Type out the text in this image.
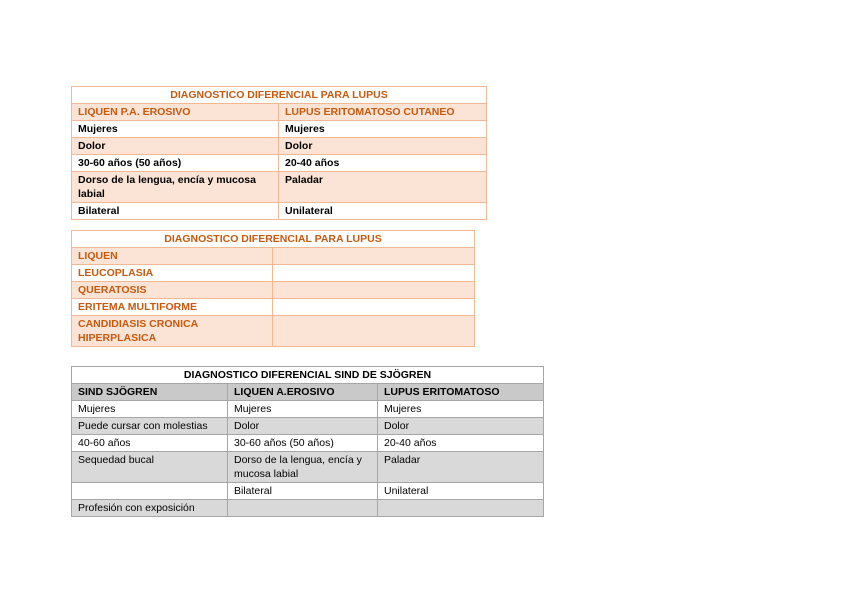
DIAGNOSTICO DIFERENCIAL PARA LUPUS	
LIQUEN P.A. EROSIVO	LUPUS ERITOMATOSO CUTANEO
Mujeres	Mujeres
Dolor	Dolor
30-60 años (50 años)	20-40 años
Dorso de la lengua, encía y mucosa labial	Paladar
Bilateral	Unilateral
DIAGNOSTICO DIFERENCIAL PARA LUPUS	
LIQUEN	
LEUCOPLASIA	
QUERATOSIS	
ERITEMA MULTIFORME	
CANDIDIASIS CRONICA HIPERPLASICA	
DIAGNOSTICO DIFERENCIAL SIND DE SJÖGREN		
SIND SJÖGREN	LIQUEN A.EROSIVO	LUPUS ERITOMATOSO
Mujeres	Mujeres	Mujeres
Puede cursar con molestias	Dolor	Dolor
40-60 años	30-60 años (50 años)	20-40 años
Sequedad bucal	Dorso de la lengua, encía y mucosa labial	Paladar
	Bilateral	Unilateral
Profesión con exposición		
